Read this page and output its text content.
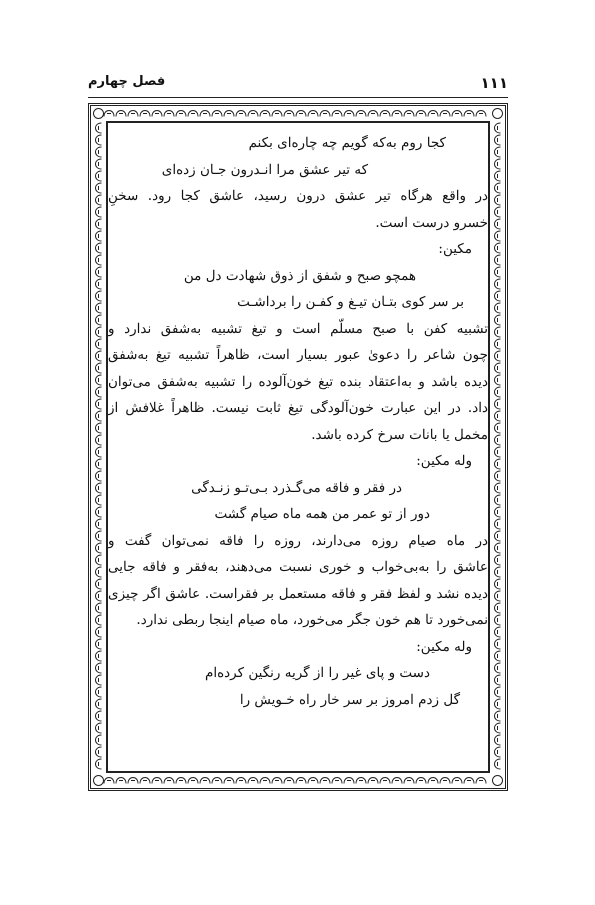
۱۱۱
فصل چهارم
کجا روم به‌که گویم چه چاره‌ای بکنم
که تیر عشق مرا انـدرون جـان زده‌ای
در واقع هرگاه تیر عشق درون رسید، عاشق کجا رود. سخنِ
خسرو درست است.
مکین:
همچو صبح و شفق از ذوق شهادت دل من
بر سر کوی بتـان تیـغ و کفـن را برداشـت
تشبیه کفن با صبح مسلّم است و تیغ تشبیه به‌شفق ندارد و
چون شاعر را دعویٰ عبور بسیار است، ظاهراً تشبیه تیغ به‌شفق
دیده باشد و به‌اعتقاد بنده تیغ خون‌آلوده را تشبیه به‌شفق می‌توان
داد. در این عبارت خون‌آلودگی تیغ ثابت نیست. ظاهراً غلافش از
مخمل یا بانات سرخ کرده باشد.
وله مکین:
در فقر و فاقه می‌گـذرد بـی‌تـو زنـدگی
دور از تو عمر من همه ماه صیام گشت
در ماه صیام روزه می‌دارند، روزه را فاقه نمی‌توان گفت و
عاشق را به‌بی‌خواب و خوری نسبت می‌دهند، به‌فقر و فاقه جایی
دیده نشد و لفظ فقر و فاقه مستعمل بر فقراست. عاشق اگر چیزی
نمی‌خورد تا هم خون جگر می‌خورد، ماه صیام اینجا ربطی ندارد.
وله مکین:
دست و پای غیر را از گریه رنگین کرده‌ام
گل زدم امروز بر سر خار راه خـویش را
